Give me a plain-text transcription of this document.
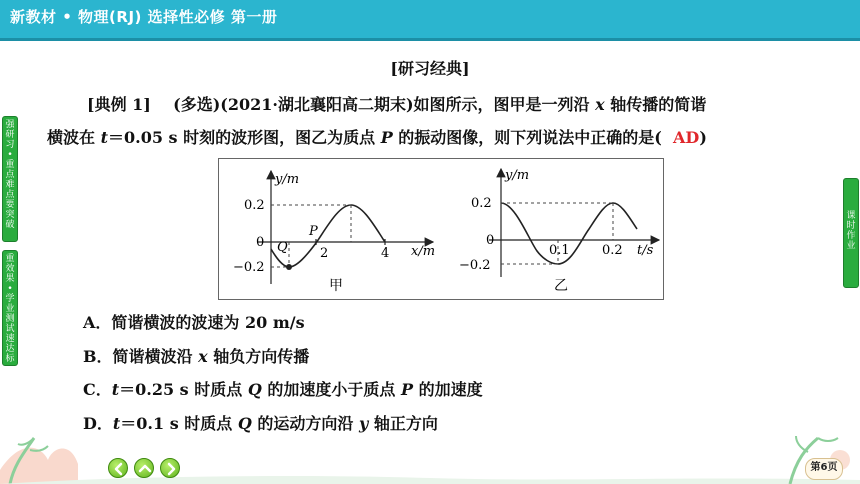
新教材 • 物理(RJ) 选择性必修 第一册
[研习经典]
[典例 1] (多选)(2021·湖北襄阳高二期末)如图所示，图甲是一列沿 x 轴传播的简谐
横波在 t＝0.05 s 时刻的波形图，图乙为质点 P 的振动图像，则下列说法中正确的是( AD)
y/m
x/m
0
0.2
−0.2
2	4
Q
P
甲
y/m
t/s
0
0.2
−0.2
0.1 0.2
乙
A．简谐横波的波速为 20 m/s
B．简谐横波沿 x 轴负方向传播
C．t＝0.25 s 时质点 Q 的加速度小于质点 P 的加速度
D．t＝0.1 s 时质点 Q 的运动方向沿 y 轴正方向
强研习•重点难点要突破
重效果•学业测试速达标
课时作业
第6页
